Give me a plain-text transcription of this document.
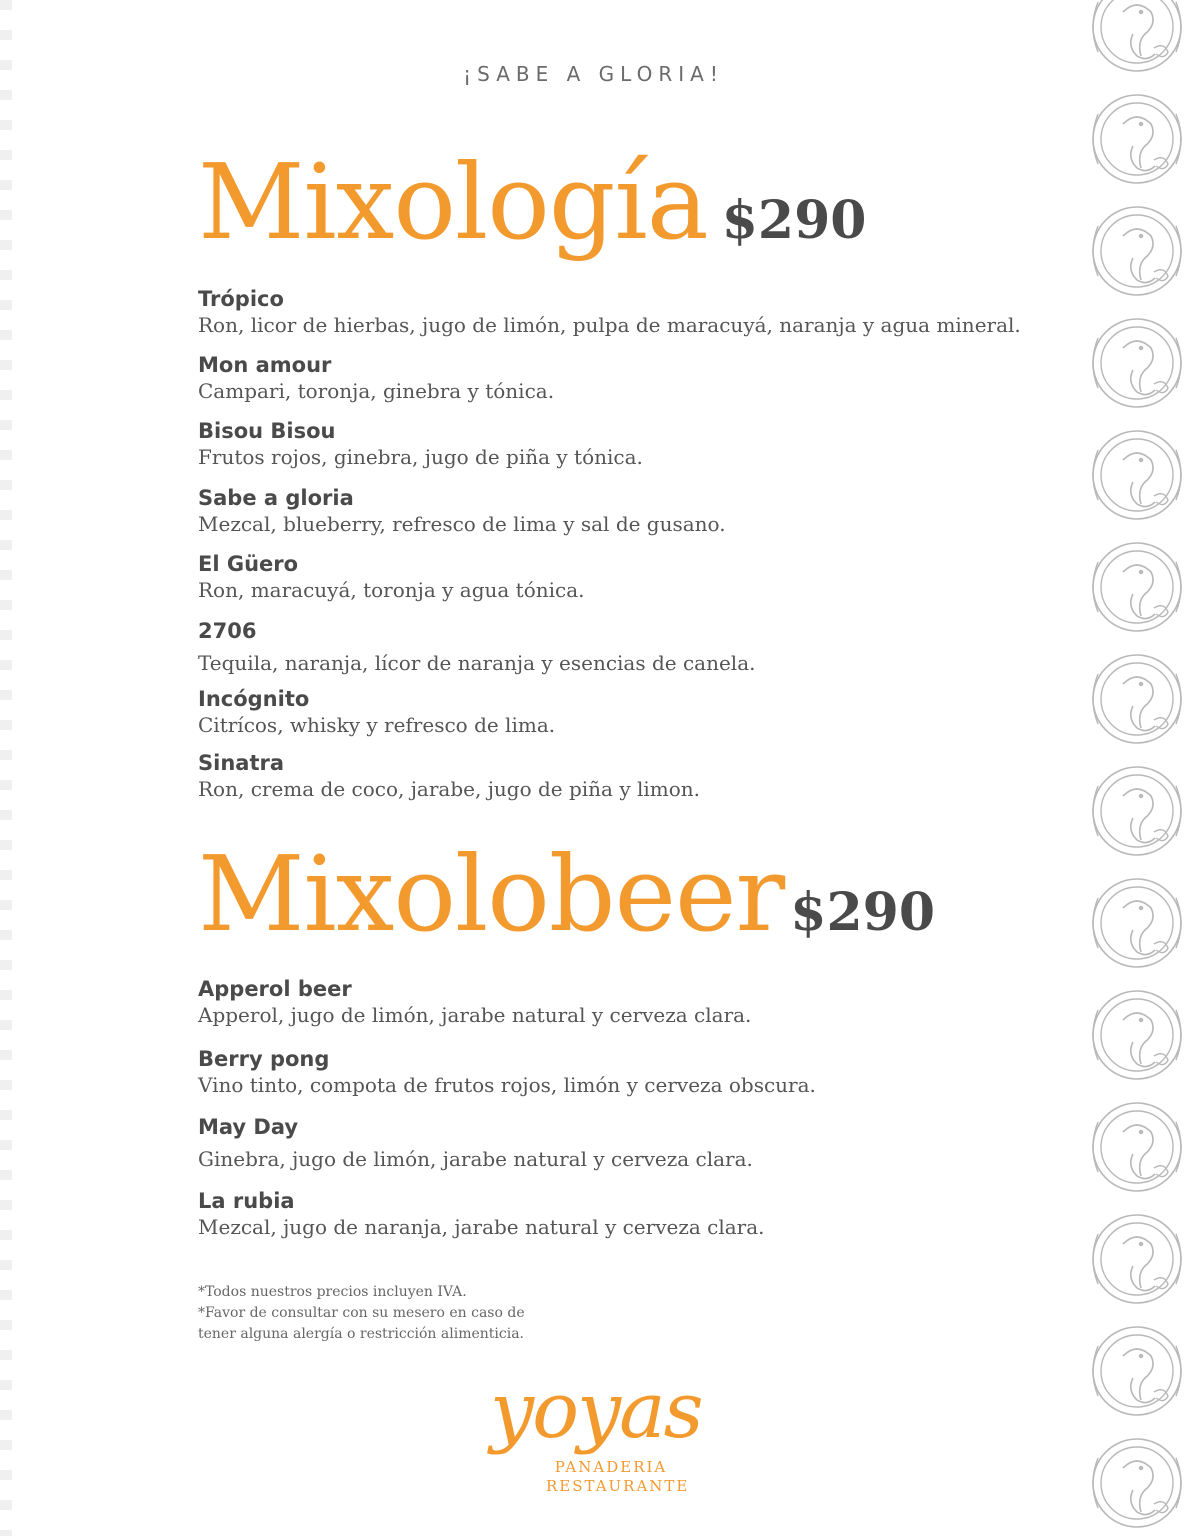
¡SABE A GLORIA!
Mixología $290
Trópico
Ron, licor de hierbas, jugo de limón, pulpa de maracuyá, naranja y agua mineral.
Mon amour
Campari, toronja, ginebra y tónica.
Bisou Bisou
Frutos rojos, ginebra, jugo de piña y tónica.
Sabe a gloria
Mezcal, blueberry, refresco de lima y sal de gusano.
El Güero
Ron, maracuyá, toronja y agua tónica.
2706
Tequila, naranja, lícor de naranja y esencias de canela.
Incógnito
Citrícos, whisky y refresco de lima.
Sinatra
Ron, crema de coco, jarabe, jugo de piña y limon.
Mixolobeer $290
Apperol beer
Apperol, jugo de limón, jarabe natural y cerveza clara.
Berry pong
Vino tinto, compota de frutos rojos, limón y cerveza obscura.
May Day
Ginebra, jugo de limón, jarabe natural y cerveza clara.
La rubia
Mezcal, jugo de naranja, jarabe natural y cerveza clara.
*Todos nuestros precios incluyen IVA.
*Favor de consultar con su mesero en caso de
tener alguna alergía o restricción alimenticia.
yoyas
PANADERIA
RESTAURANTE
